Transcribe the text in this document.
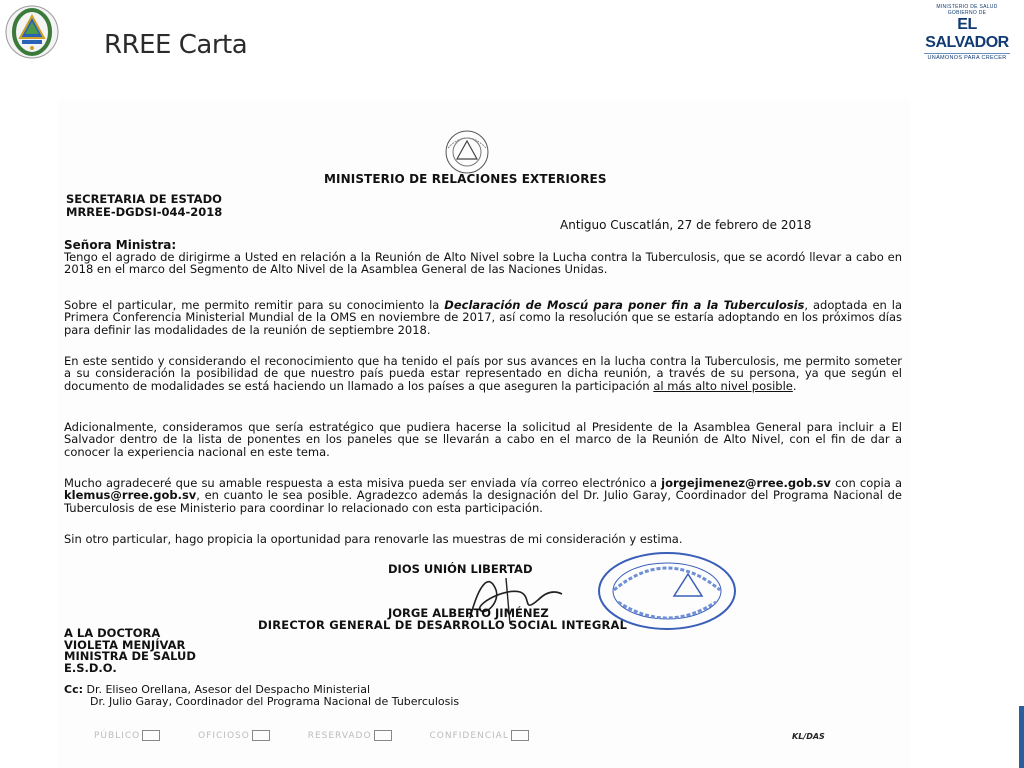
RREE Carta
MINISTERIO DE SALUD
GOBIERNO DE
EL SALVADOR
UNÁMONOS PARA CRECER
MINISTERIO DE RELACIONES EXTERIORES
SECRETARIA DE ESTADO
MRREE-DGDSI-044-2018
Antiguo Cuscatlán, 27 de febrero de 2018
Señora Ministra:

Tengo el agrado de dirigirme a Usted en relación a la Reunión de Alto Nivel sobre la Lucha contra la Tuberculosis, que se acordó llevar a cabo en 2018 en el marco del Segmento de Alto Nivel de la Asamblea General de las Naciones Unidas.

Sobre el particular, me permito remitir para su conocimiento la Declaración de Moscú para poner fin a la Tuberculosis, adoptada en la Primera Conferencia Ministerial Mundial de la OMS en noviembre de 2017, así como la resolución que se estaría adoptando en los próximos días para definir las modalidades de la reunión de septiembre 2018.

En este sentido y considerando el reconocimiento que ha tenido el país por sus avances en la lucha contra la Tuberculosis, me permito someter a su consideración la posibilidad de que nuestro país pueda estar representado en dicha reunión, a través de su persona, ya que según el documento de modalidades se está haciendo un llamado a los países a que aseguren la participación al más alto nivel posible.

Adicionalmente, consideramos que sería estratégico que pudiera hacerse la solicitud al Presidente de la Asamblea General para incluir a El Salvador dentro de la lista de ponentes en los paneles que se llevarán a cabo en el marco de la Reunión de Alto Nivel, con el fin de dar a conocer la experiencia nacional en este tema.

Mucho agradeceré que su amable respuesta a esta misiva pueda ser enviada vía correo electrónico a jorgejimenez@rree.gob.sv con copia a klemus@rree.gob.sv, en cuanto le sea posible. Agradezco además la designación del Dr. Julio Garay, Coordinador del Programa Nacional de Tuberculosis de ese Ministerio para coordinar lo relacionado con esta participación.

Sin otro particular, hago propicia la oportunidad para renovarle las muestras de mi consideración y estima.

DIOS UNIÓN LIBERTAD
JORGE ALBERTO JIMÉNEZ
DIRECTOR GENERAL DE DESARROLLO SOCIAL INTEGRAL
A LA DOCTORA
VIOLETA MENJÍVAR
MINISTRA DE SALUD
E.S.D.O.
Cc: Dr. Eliseo Orellana, Asesor del Despacho Ministerial
Dr. Julio Garay, Coordinador del Programa Nacional de Tuberculosis
PÚBLICO	OFICIOSO	RESERVADO	CONFIDENCIAL	KL/DAS
